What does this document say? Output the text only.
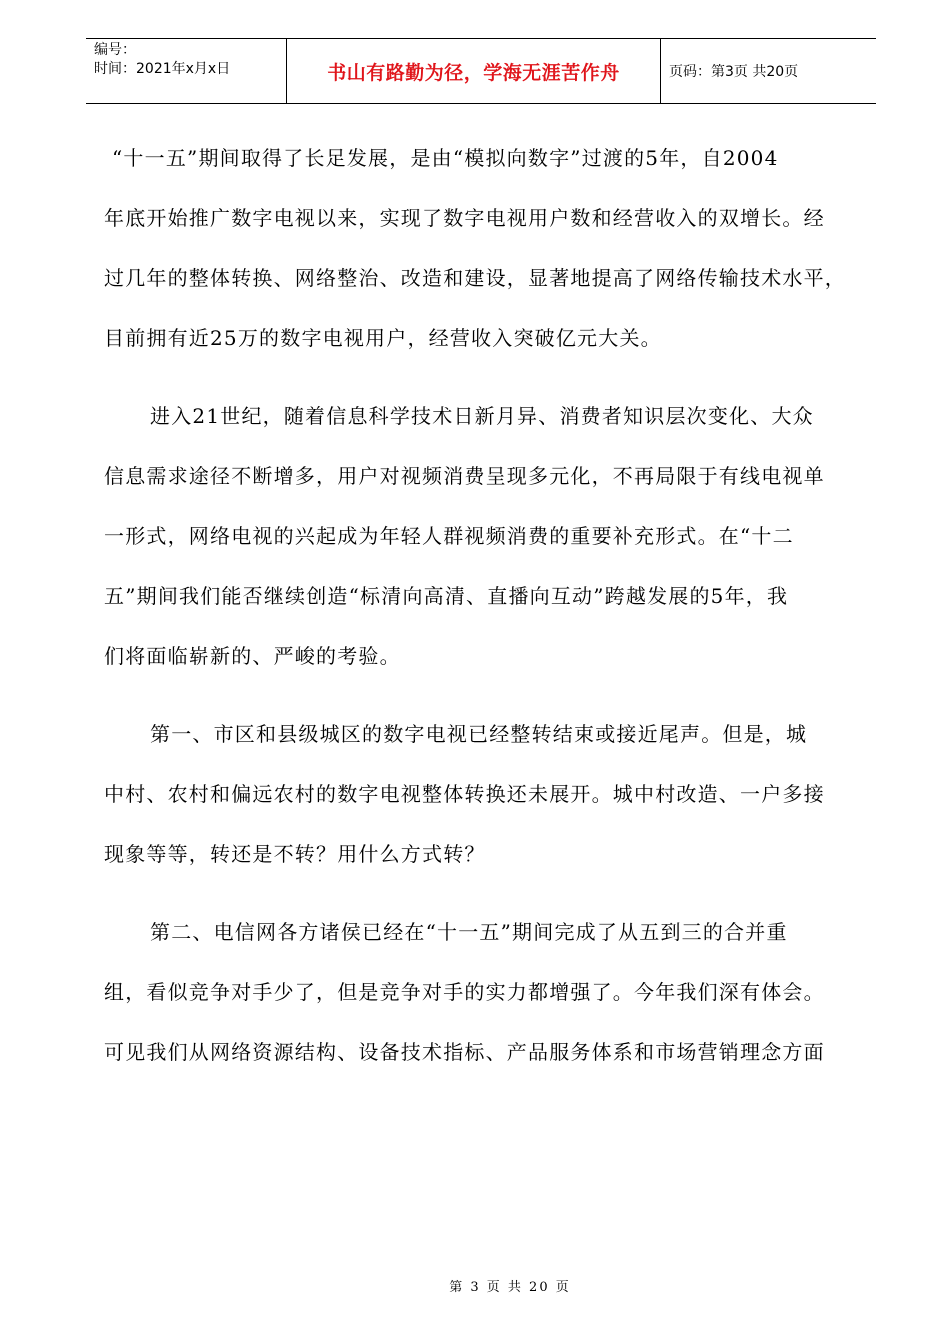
编号：
时间：2021年x月x日	书山有路勤为径，学海无涯苦作舟	页码：第3页 共20页
“十一五”期间取得了长足发展，是由“模拟向数字”过渡的5年，自2004
年底开始推广数字电视以来，实现了数字电视用户数和经营收入的双增长。经
过几年的整体转换、网络整治、改造和建设，显著地提高了网络传输技术水平，
目前拥有近25万的数字电视用户，经营收入突破亿元大关。
进入21世纪，随着信息科学技术日新月异、消费者知识层次变化、大众
信息需求途径不断增多，用户对视频消费呈现多元化，不再局限于有线电视单
一形式，网络电视的兴起成为年轻人群视频消费的重要补充形式。在“十二
五”期间我们能否继续创造“标清向高清、直播向互动”跨越发展的5年，我
们将面临崭新的、严峻的考验。
第一、市区和县级城区的数字电视已经整转结束或接近尾声。但是，城
中村、农村和偏远农村的数字电视整体转换还未展开。城中村改造、一户多接
现象等等，转还是不转？用什么方式转？
第二、电信网各方诸侯已经在“十一五”期间完成了从五到三的合并重
组，看似竞争对手少了，但是竞争对手的实力都增强了。今年我们深有体会。
可见我们从网络资源结构、设备技术指标、产品服务体系和市场营销理念方面
第 3 页 共 20 页
